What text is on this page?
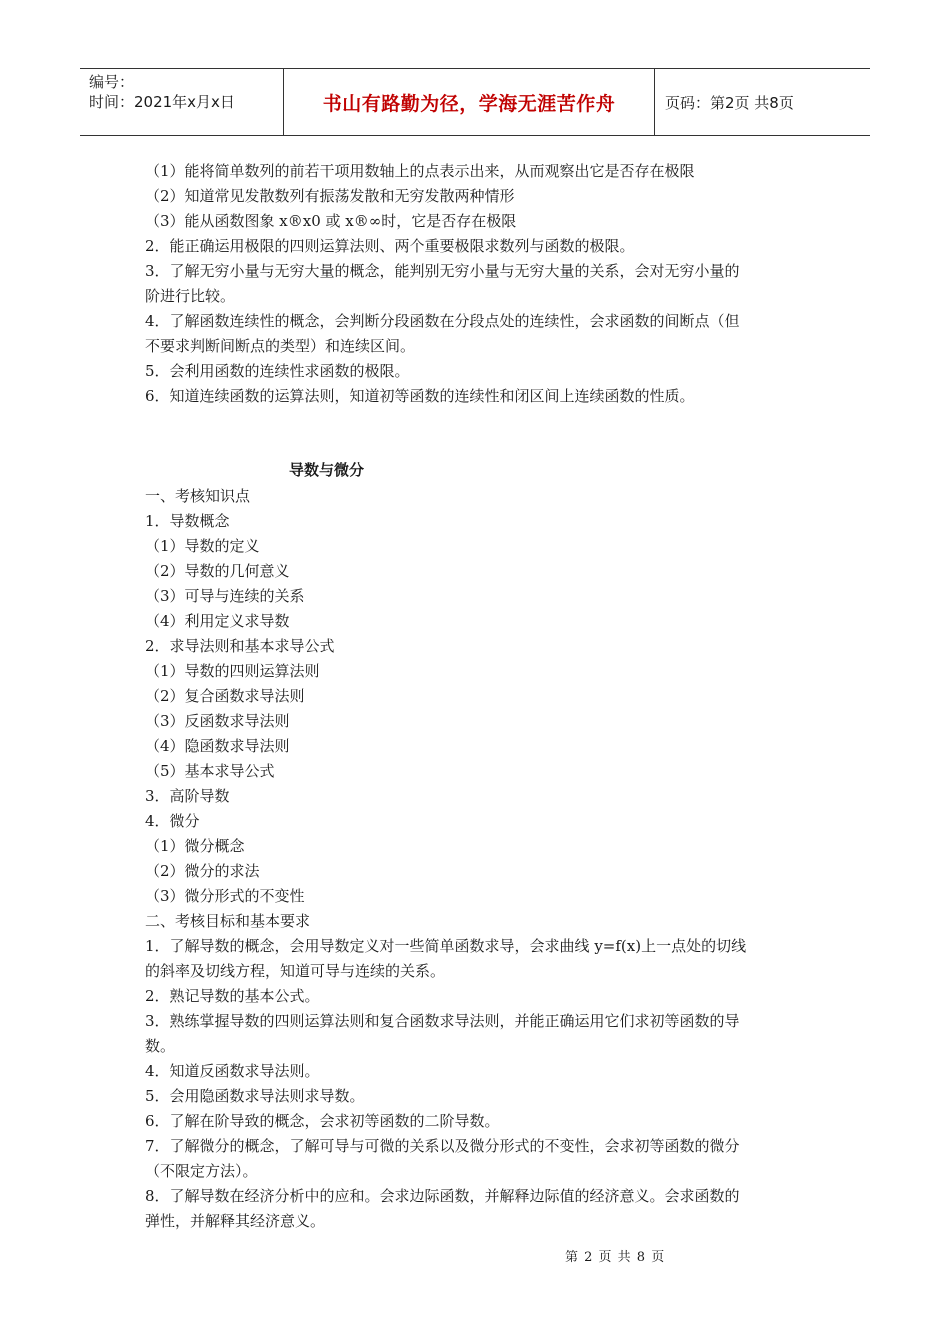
编号：
时间：2021年x月x日	书山有路勤为径，学海无涯苦作舟	页码：第2页 共8页
（1）能将简单数列的前若干项用数轴上的点表示出来，从而观察出它是否存在极限
（2）知道常见发散数列有振荡发散和无穷发散两种情形
（3）能从函数图象 x®x0 或 x®∞时，它是否存在极限
2．能正确运用极限的四则运算法则、两个重要极限求数列与函数的极限。
3．了解无穷小量与无穷大量的概念，能判别无穷小量与无穷大量的关系，会对无穷小量的
阶进行比较。
4．了解函数连续性的概念，会判断分段函数在分段点处的连续性，会求函数的间断点（但
不要求判断间断点的类型）和连续区间。
5．会利用函数的连续性求函数的极限。
6．知道连续函数的运算法则，知道初等函数的连续性和闭区间上连续函数的性质。
导数与微分
一、考核知识点
1．导数概念
（1）导数的定义
（2）导数的几何意义
（3）可导与连续的关系
（4）利用定义求导数
2．求导法则和基本求导公式
（1）导数的四则运算法则
（2）复合函数求导法则
（3）反函数求导法则
（4）隐函数求导法则
（5）基本求导公式
3．高阶导数
4．微分
（1）微分概念
（2）微分的求法
（3）微分形式的不变性
二、考核目标和基本要求
1．了解导数的概念，会用导数定义对一些简单函数求导，会求曲线 y=f(x)上一点处的切线
的斜率及切线方程，知道可导与连续的关系。
2．熟记导数的基本公式。
3．熟练掌握导数的四则运算法则和复合函数求导法则，并能正确运用它们求初等函数的导
数。
4．知道反函数求导法则。
5．会用隐函数求导法则求导数。
6．了解在阶导致的概念，会求初等函数的二阶导数。
7．了解微分的概念，了解可导与可微的关系以及微分形式的不变性，会求初等函数的微分
（不限定方法）。
8．了解导数在经济分析中的应和。会求边际函数，并解释边际值的经济意义。会求函数的
弹性，并解释其经济意义。
第 2 页 共 8 页
